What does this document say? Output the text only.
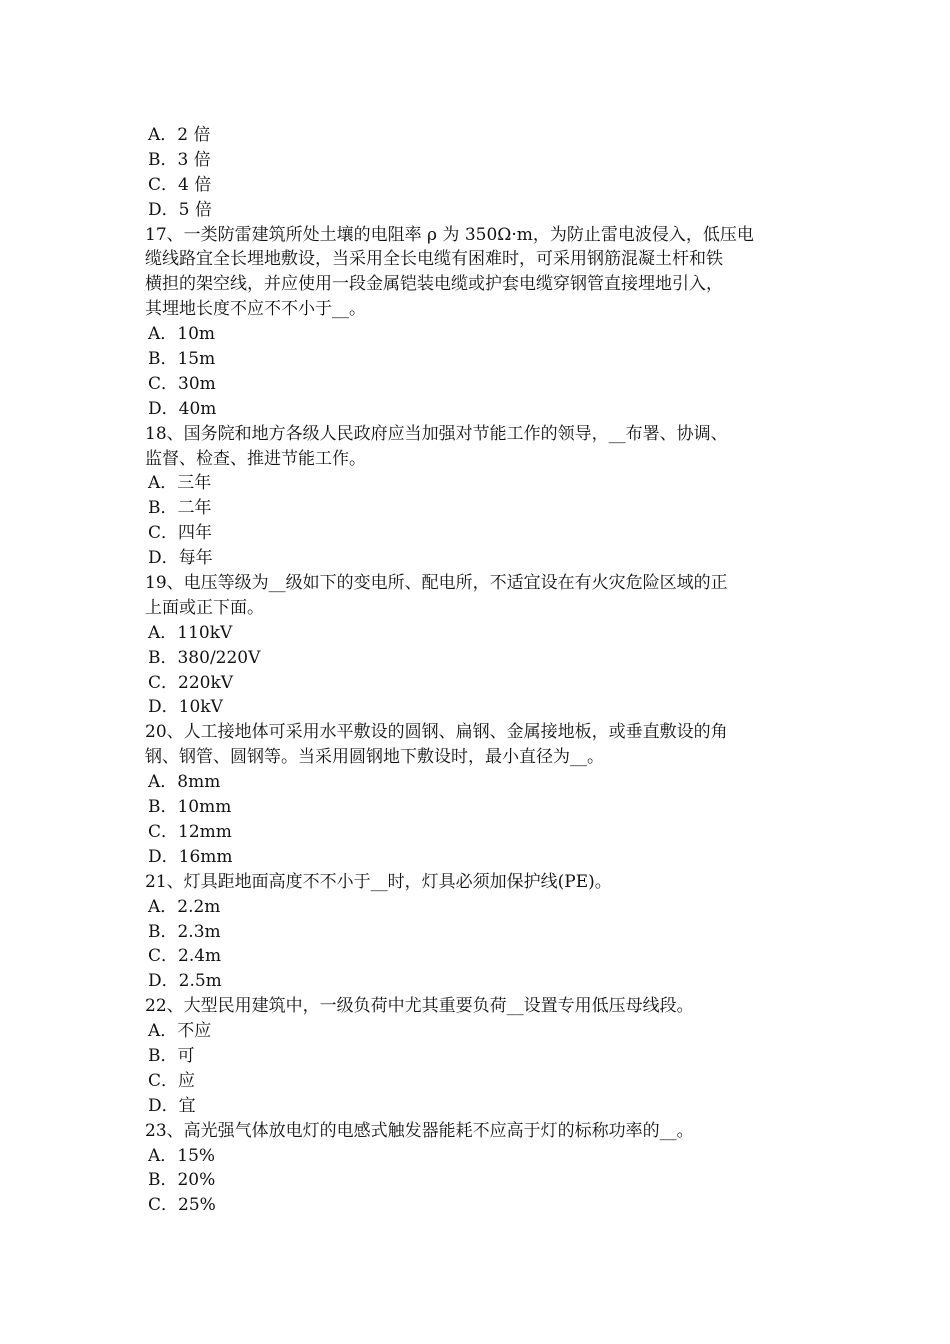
A．2 倍
B．3 倍
C．4 倍
D．5 倍
17、一类防雷建筑所处土壤的电阻率 ρ 为 350Ω·m，为防止雷电波侵入，低压电
缆线路宜全长埋地敷设，当采用全长电缆有困难时，可采用钢筋混凝土杆和铁
横担的架空线，并应使用一段金属铠装电缆或护套电缆穿钢管直接埋地引入，
其埋地长度不应不不小于__。
A．10m
B．15m
C．30m
D．40m
18、国务院和地方各级人民政府应当加强对节能工作的领导，__布署、协调、
监督、检查、推进节能工作。
A．三年
B．二年
C．四年
D．每年
19、电压等级为__级如下的变电所、配电所，不适宜设在有火灾危险区域的正
上面或正下面。
A．110kV
B．380/220V
C．220kV
D．10kV
20、人工接地体可采用水平敷设的圆钢、扁钢、金属接地板，或垂直敷设的角
钢、钢管、圆钢等。当采用圆钢地下敷设时，最小直径为__。
A．8mm
B．10mm
C．12mm
D．16mm
21、灯具距地面高度不不小于__时，灯具必须加保护线(PE)。
A．2.2m
B．2.3m
C．2.4m
D．2.5m
22、大型民用建筑中，一级负荷中尤其重要负荷__设置专用低压母线段。
A．不应
B．可
C．应
D．宜
23、高光强气体放电灯的电感式触发器能耗不应高于灯的标称功率的__。
A．15%
B．20%
C．25%
